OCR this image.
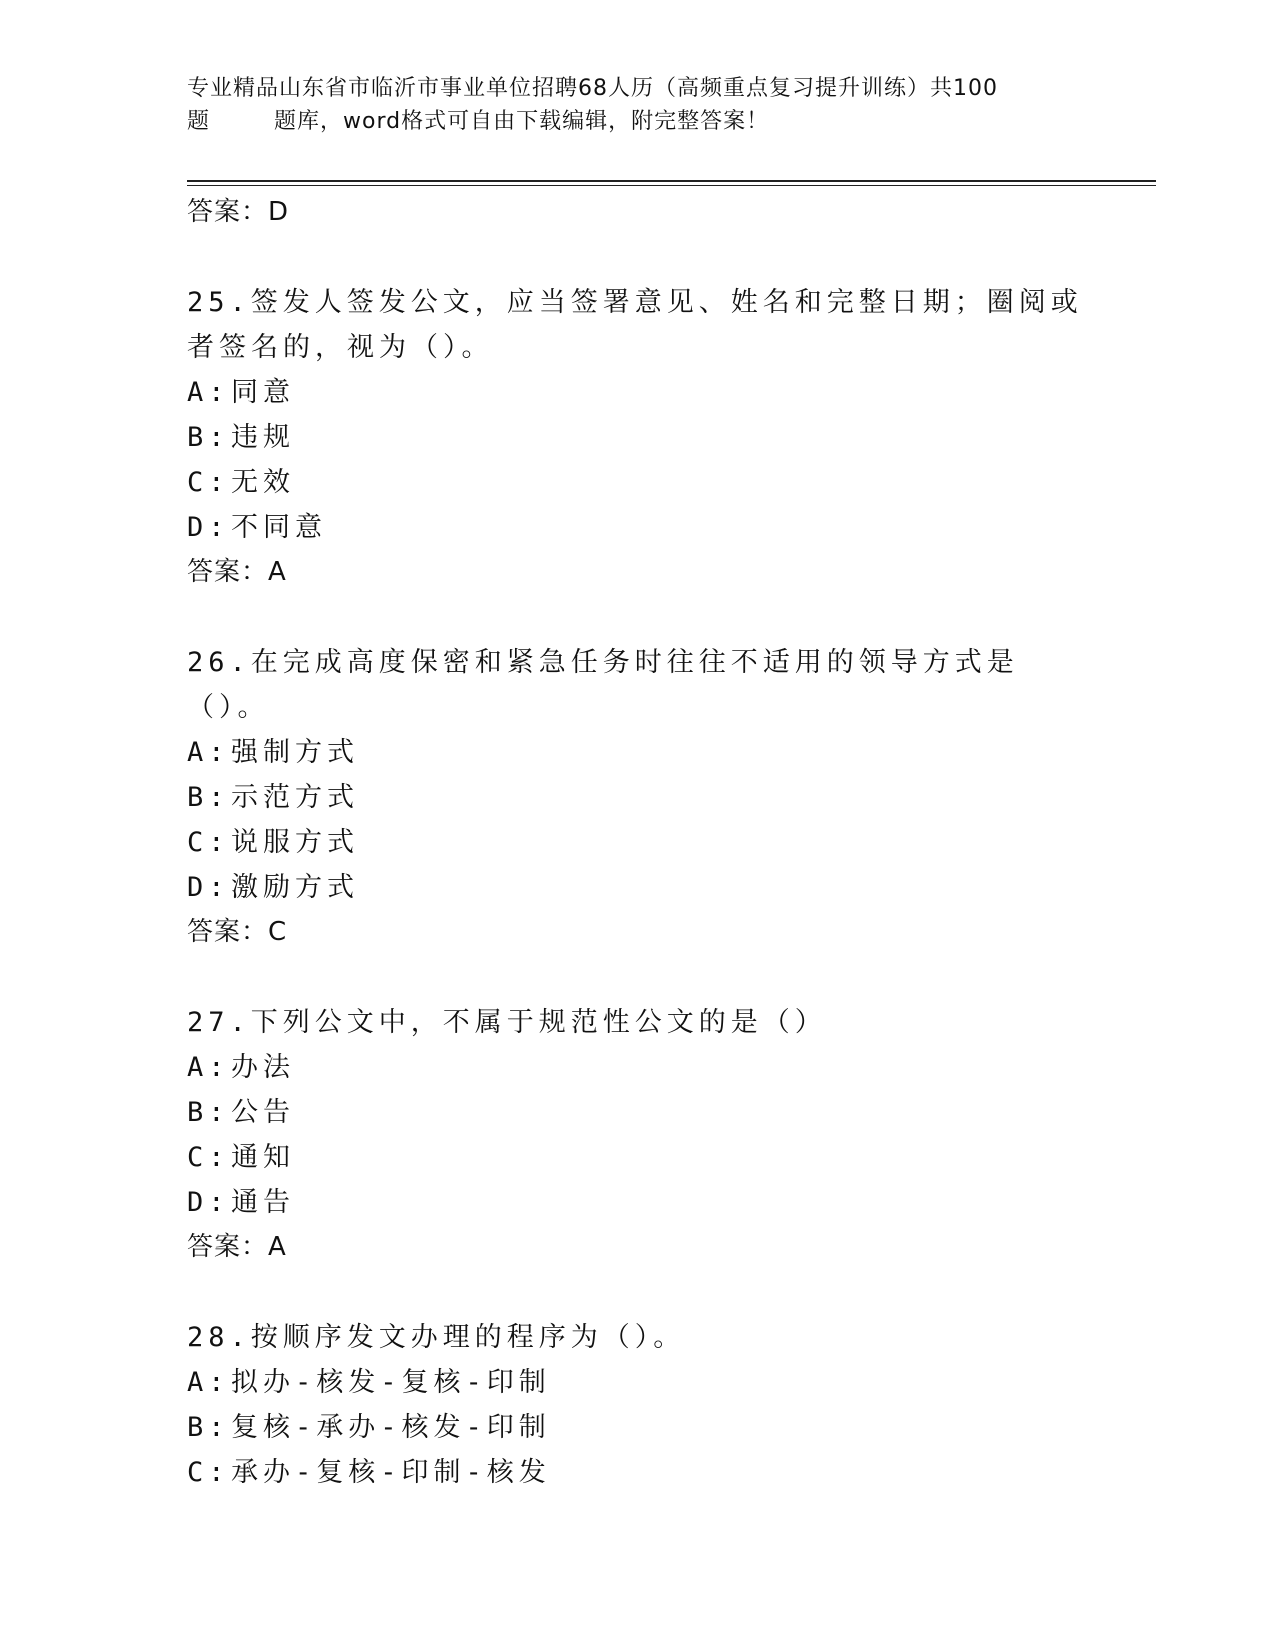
专业精品山东省市临沂市事业单位招聘68人历（高频重点复习提升训练）共100
题	题库，word格式可自由下载编辑，附完整答案！

答案：D

25.签发人签发公文，应当签署意见、姓名和完整日期；圈阅或者签名的，视为（）。

A:同意

B:违规

C:无效

D:不同意

答案：A

26.在完成高度保密和紧急任务时往往不适用的领导方式是（）。

A:强制方式

B:示范方式

C:说服方式

D:激励方式

答案：C

27.下列公文中，不属于规范性公文的是（）

A:办法

B:公告

C:通知

D:通告

答案：A

28.按顺序发文办理的程序为（）。

A:拟办-核发-复核-印制

B:复核-承办-核发-印制

C:承办-复核-印制-核发
